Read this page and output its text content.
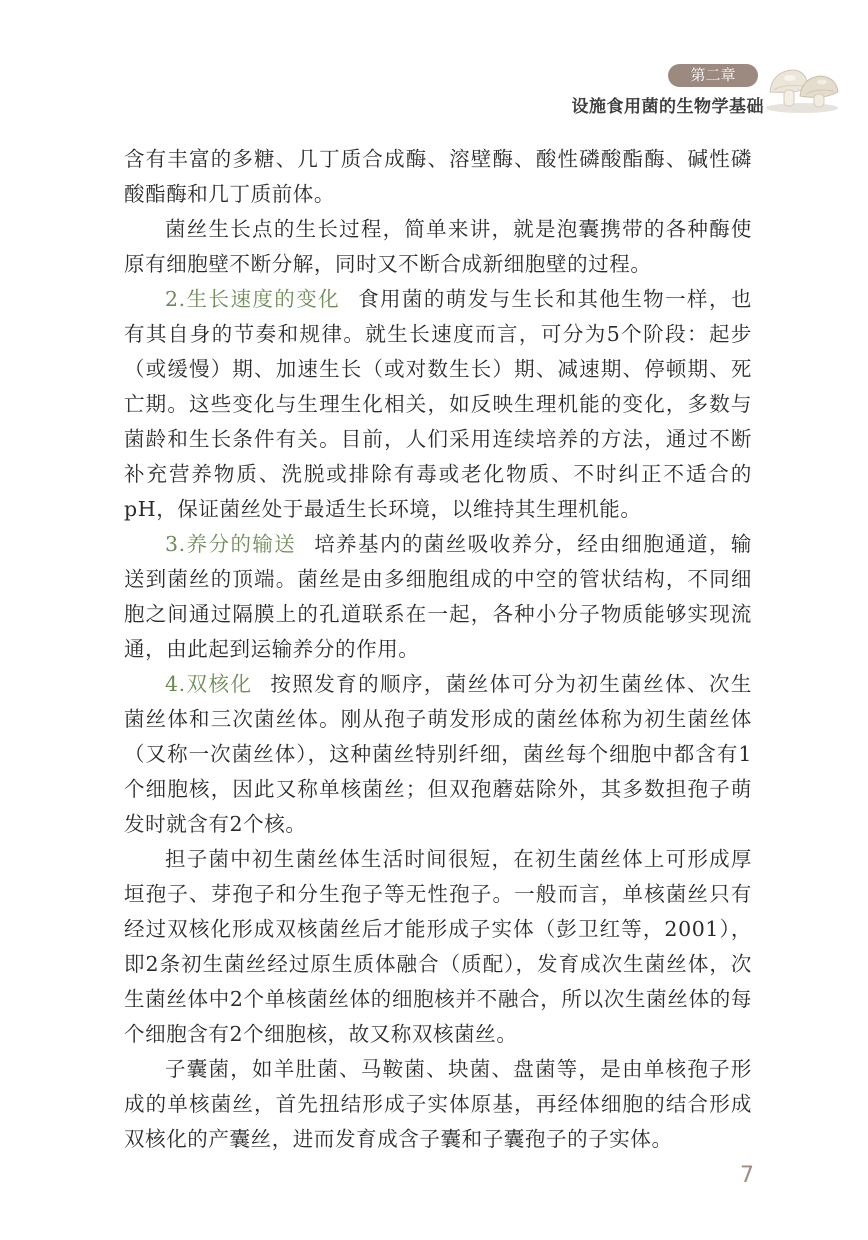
第二章
设施食用菌的生物学基础

含有丰富的多糖、几丁质合成酶、溶壁酶、酸性磷酸酯酶、碱性磷酸酯酶和几丁质前体。

菌丝生长点的生长过程，简单来讲，就是泡囊携带的各种酶使原有细胞壁不断分解，同时又不断合成新细胞壁的过程。

2.生长速度的变化 食用菌的萌发与生长和其他生物一样，也有其自身的节奏和规律。就生长速度而言，可分为5个阶段：起步（或缓慢）期、加速生长（或对数生长）期、减速期、停顿期、死亡期。这些变化与生理生化相关，如反映生理机能的变化，多数与菌龄和生长条件有关。目前，人们采用连续培养的方法，通过不断补充营养物质、洗脱或排除有毒或老化物质、不时纠正不适合的pH，保证菌丝处于最适生长环境，以维持其生理机能。

3.养分的输送 培养基内的菌丝吸收养分，经由细胞通道，输送到菌丝的顶端。菌丝是由多细胞组成的中空的管状结构，不同细胞之间通过隔膜上的孔道联系在一起，各种小分子物质能够实现流通，由此起到运输养分的作用。

4.双核化 按照发育的顺序，菌丝体可分为初生菌丝体、次生菌丝体和三次菌丝体。刚从孢子萌发形成的菌丝体称为初生菌丝体（又称一次菌丝体），这种菌丝特别纤细，菌丝每个细胞中都含有1个细胞核，因此又称单核菌丝；但双孢蘑菇除外，其多数担孢子萌发时就含有2个核。

担子菌中初生菌丝体生活时间很短，在初生菌丝体上可形成厚垣孢子、芽孢子和分生孢子等无性孢子。一般而言，单核菌丝只有经过双核化形成双核菌丝后才能形成子实体（彭卫红等，2001），即2条初生菌丝经过原生质体融合（质配），发育成次生菌丝体，次生菌丝体中2个单核菌丝体的细胞核并不融合，所以次生菌丝体的每个细胞含有2个细胞核，故又称双核菌丝。

子囊菌，如羊肚菌、马鞍菌、块菌、盘菌等，是由单核孢子形成的单核菌丝，首先扭结形成子实体原基，再经体细胞的结合形成双核化的产囊丝，进而发育成含子囊和子囊孢子的子实体。

7
